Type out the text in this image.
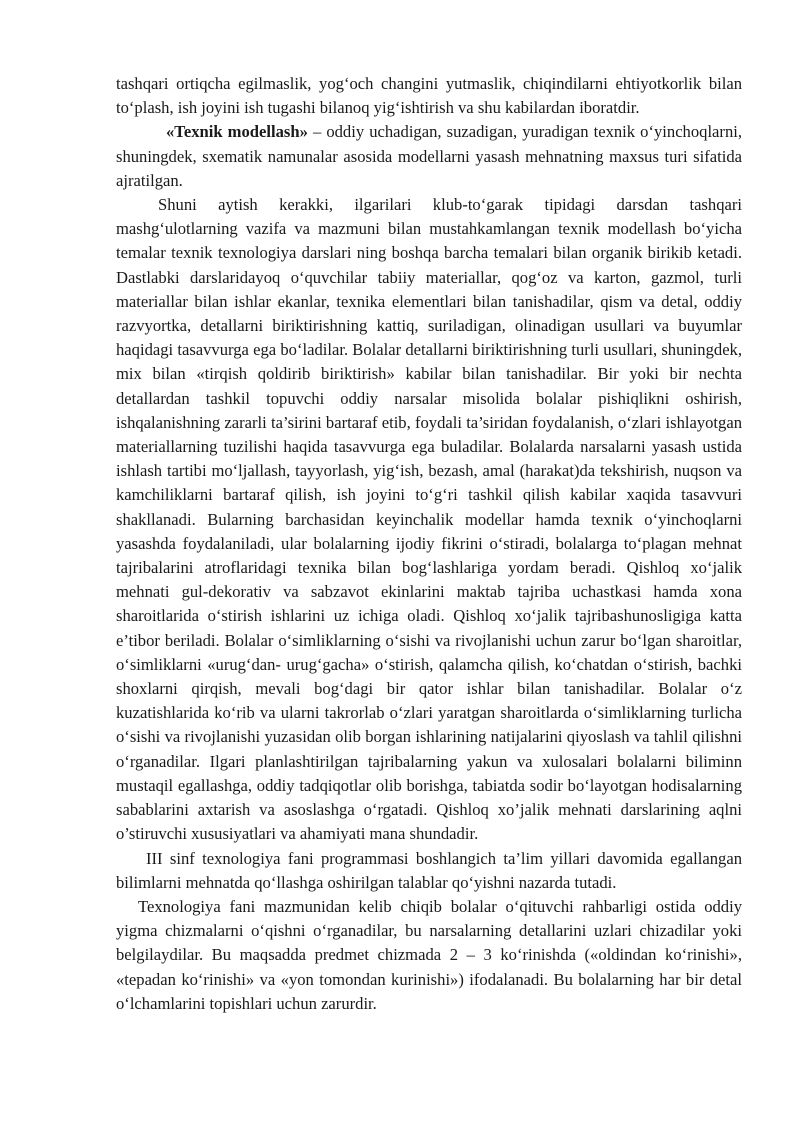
tashqari ortiqcha egilmaslik, yog‘och changini yutmaslik, chiqindilarni ehtiyotkorlik bilan to‘plash, ish joyini ish tugashi bilanoq yig‘ishtirish va shu kabilardan iboratdir.

«Texnik modellash» – oddiy uchadigan, suzadigan, yuradigan texnik o‘yinchoqlarni, shuningdek, sxematik namunalar asosida modellarni yasash mehnatning maxsus turi sifatida ajratilgan.

Shuni aytish kerakki, ilgarilari klub-to‘garak tipidagi darsdan tashqari mashg‘ulotlarning vazifa va mazmuni bilan mustahkamlangan texnik modellash bo‘yicha temalar texnik texnologiya darslari ning boshqa barcha temalari bilan organik birikib ketadi. Dastlabki darslaridayoq o‘quvchilar tabiiy materiallar, qog‘oz va karton, gazmol, turli materiallar bilan ishlar ekanlar, texnika elementlari bilan tanishadilar, qism va detal, oddiy razvyortka, detallarni biriktirishning kattiq, suriladigan, olinadigan usullari va buyumlar haqidagi tasavvurga ega bo‘ladilar. Bolalar detallarni biriktirishning turli usullari, shuningdek, mix bilan «tirqish qoldirib biriktirish» kabilar bilan tanishadilar. Bir yoki bir nechta detallardan tashkil topuvchi oddiy narsalar misolida bolalar pishiqlikni oshirish, ishqalanishning zararli ta’sirini bartaraf etib, foydali ta’siridan foydalanish, o‘zlari ishlayotgan materiallarning tuzilishi haqida tasavvurga ega buladilar. Bolalarda narsalarni yasash ustida ishlash tartibi mo‘ljallash, tayyorlash, yig‘ish, bezash, amal (harakat)da tekshirish, nuqson va kamchiliklarni bartaraf qilish, ish joyini to‘g‘ri tashkil qilish kabilar xaqida tasavvuri shakllanadi. Bularning barchasidan keyinchalik modellar hamda texnik o‘yinchoqlarni yasashda foydalaniladi, ular bolalarning ijodiy fikrini o‘stiradi, bolalarga to‘plagan mehnat tajribalarini atroflaridagi texnika bilan bog‘lashlariga yordam beradi. Qishloq xo‘jalik mehnati gul-dekorativ va sabzavot ekinlarini maktab tajriba uchastkasi hamda xona sharoitlarida o‘stirish ishlarini uz ichiga oladi. Qishloq xo‘jalik tajribashunosligiga katta e’tibor beriladi. Bolalar o‘simliklarning o‘sishi va rivojlanishi uchun zarur bo‘lgan sharoitlar, o‘simliklarni «urug‘dan- urug‘gacha» o‘stirish, qalamcha qilish, ko‘chatdan o‘stirish, bachki shoxlarni qirqish, mevali bog‘dagi bir qator ishlar bilan tanishadilar. Bolalar o‘z kuzatishlarida ko‘rib va ularni takrorlab o‘zlari yaratgan sharoitlarda o‘simliklarning turlicha o‘sishi va rivojlanishi yuzasidan olib borgan ishlarining natijalarini qiyoslash va tahlil qilishni o‘rganadilar. Ilgari planlashtirilgan tajribalarning yakun va xulosalari bolalarni biliminn mustaqil egallashga, oddiy tadqiqotlar olib borishga, tabiatda sodir bo‘layotgan hodisalarning sabablarini axtarish va asoslashga o‘rgatadi. Qishloq xo’jalik mehnati darslarining aqlni o’stiruvchi xususiyatlari va ahamiyati mana shundadir.

III sinf texnologiya fani programmasi boshlangich ta’lim yillari davomida egallangan bilimlarni mehnatda qo‘llashga oshirilgan talablar qo‘yishni nazarda tutadi.

Texnologiya fani mazmunidan kelib chiqib bolalar o‘qituvchi rahbarligi ostida oddiy yigma chizmalarni o‘qishni o‘rganadilar, bu narsalarning detallarini uzlari chizadilar yoki belgilaydilar. Bu maqsadda predmet chizmada 2 – 3 ko‘rinishda («oldindan ko‘rinishi», «tepadan ko‘rinishi» va «yon tomondan kurinishi») ifodalanadi. Bu bolalarning har bir detal o‘lchamlarini topishlari uchun zarurdir.
